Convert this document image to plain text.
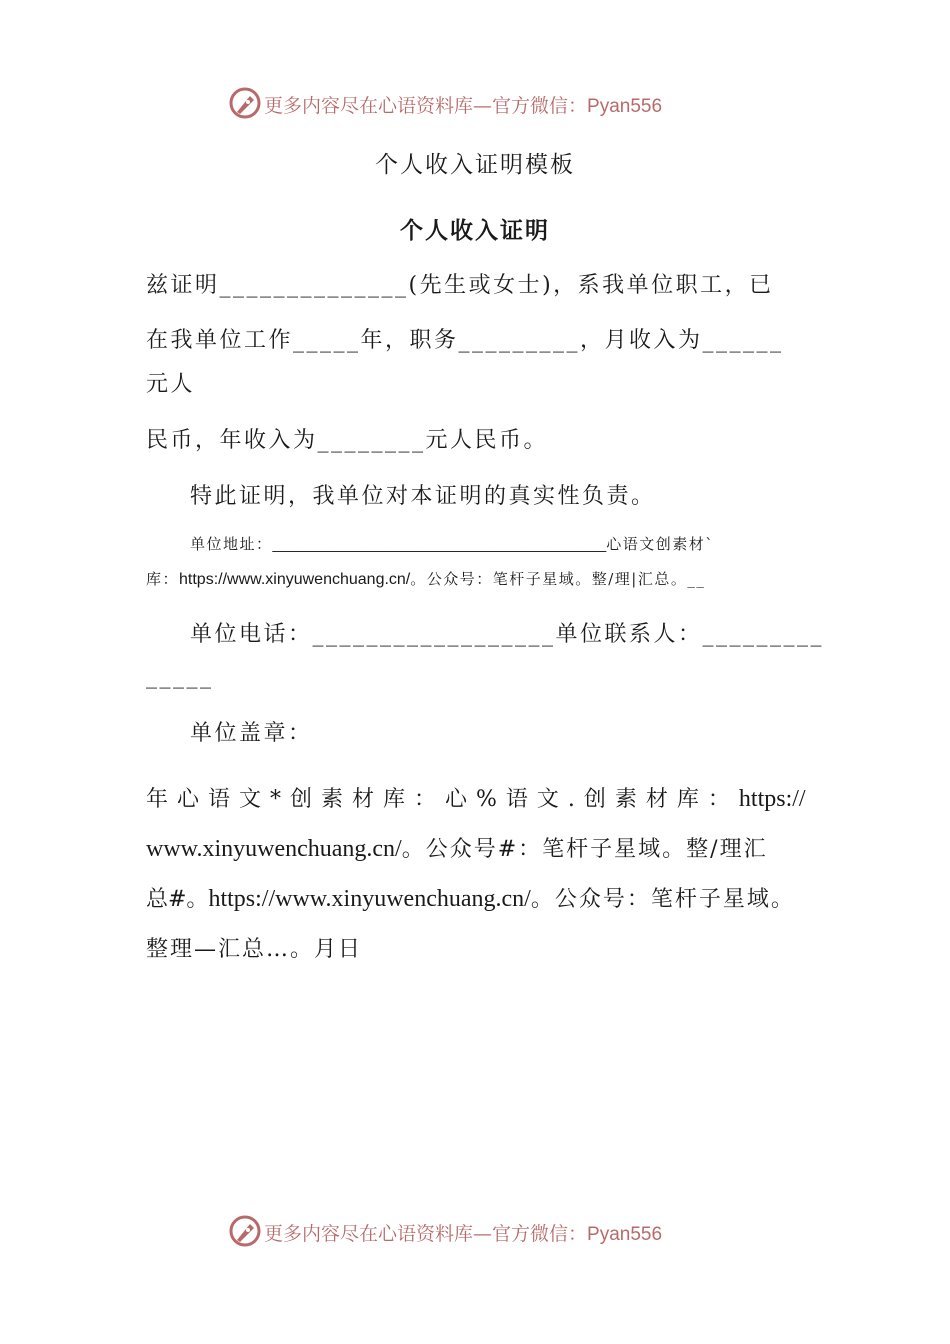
更多内容尽在心语资料库—官方微信：Pyan556
个人收入证明模板
个人收入证明
兹证明______________(先生或女士)，系我单位职工，已
在我单位工作_____年，职务_________，月收入为______
元人
民币，年收入为________元人民币。
特此证明，我单位对本证明的真实性负责。
单位地址：________________________________________心语文创素材`
库：https://www.xinyuwenchuang.cn/。公众号：笔杆子星域。整/理|汇总。__
单位电话：__________________单位联系人：_________
_____
单位盖章：
年心语文*创素材库：心%语文.创素材库：https://
www.xinyuwenchuang.cn/。公众号#：笔杆子星域。整/理汇
总#。https://www.xinyuwenchuang.cn/。公众号：笔杆子星域。
整理—汇总…。月日
更多内容尽在心语资料库—官方微信：Pyan556
